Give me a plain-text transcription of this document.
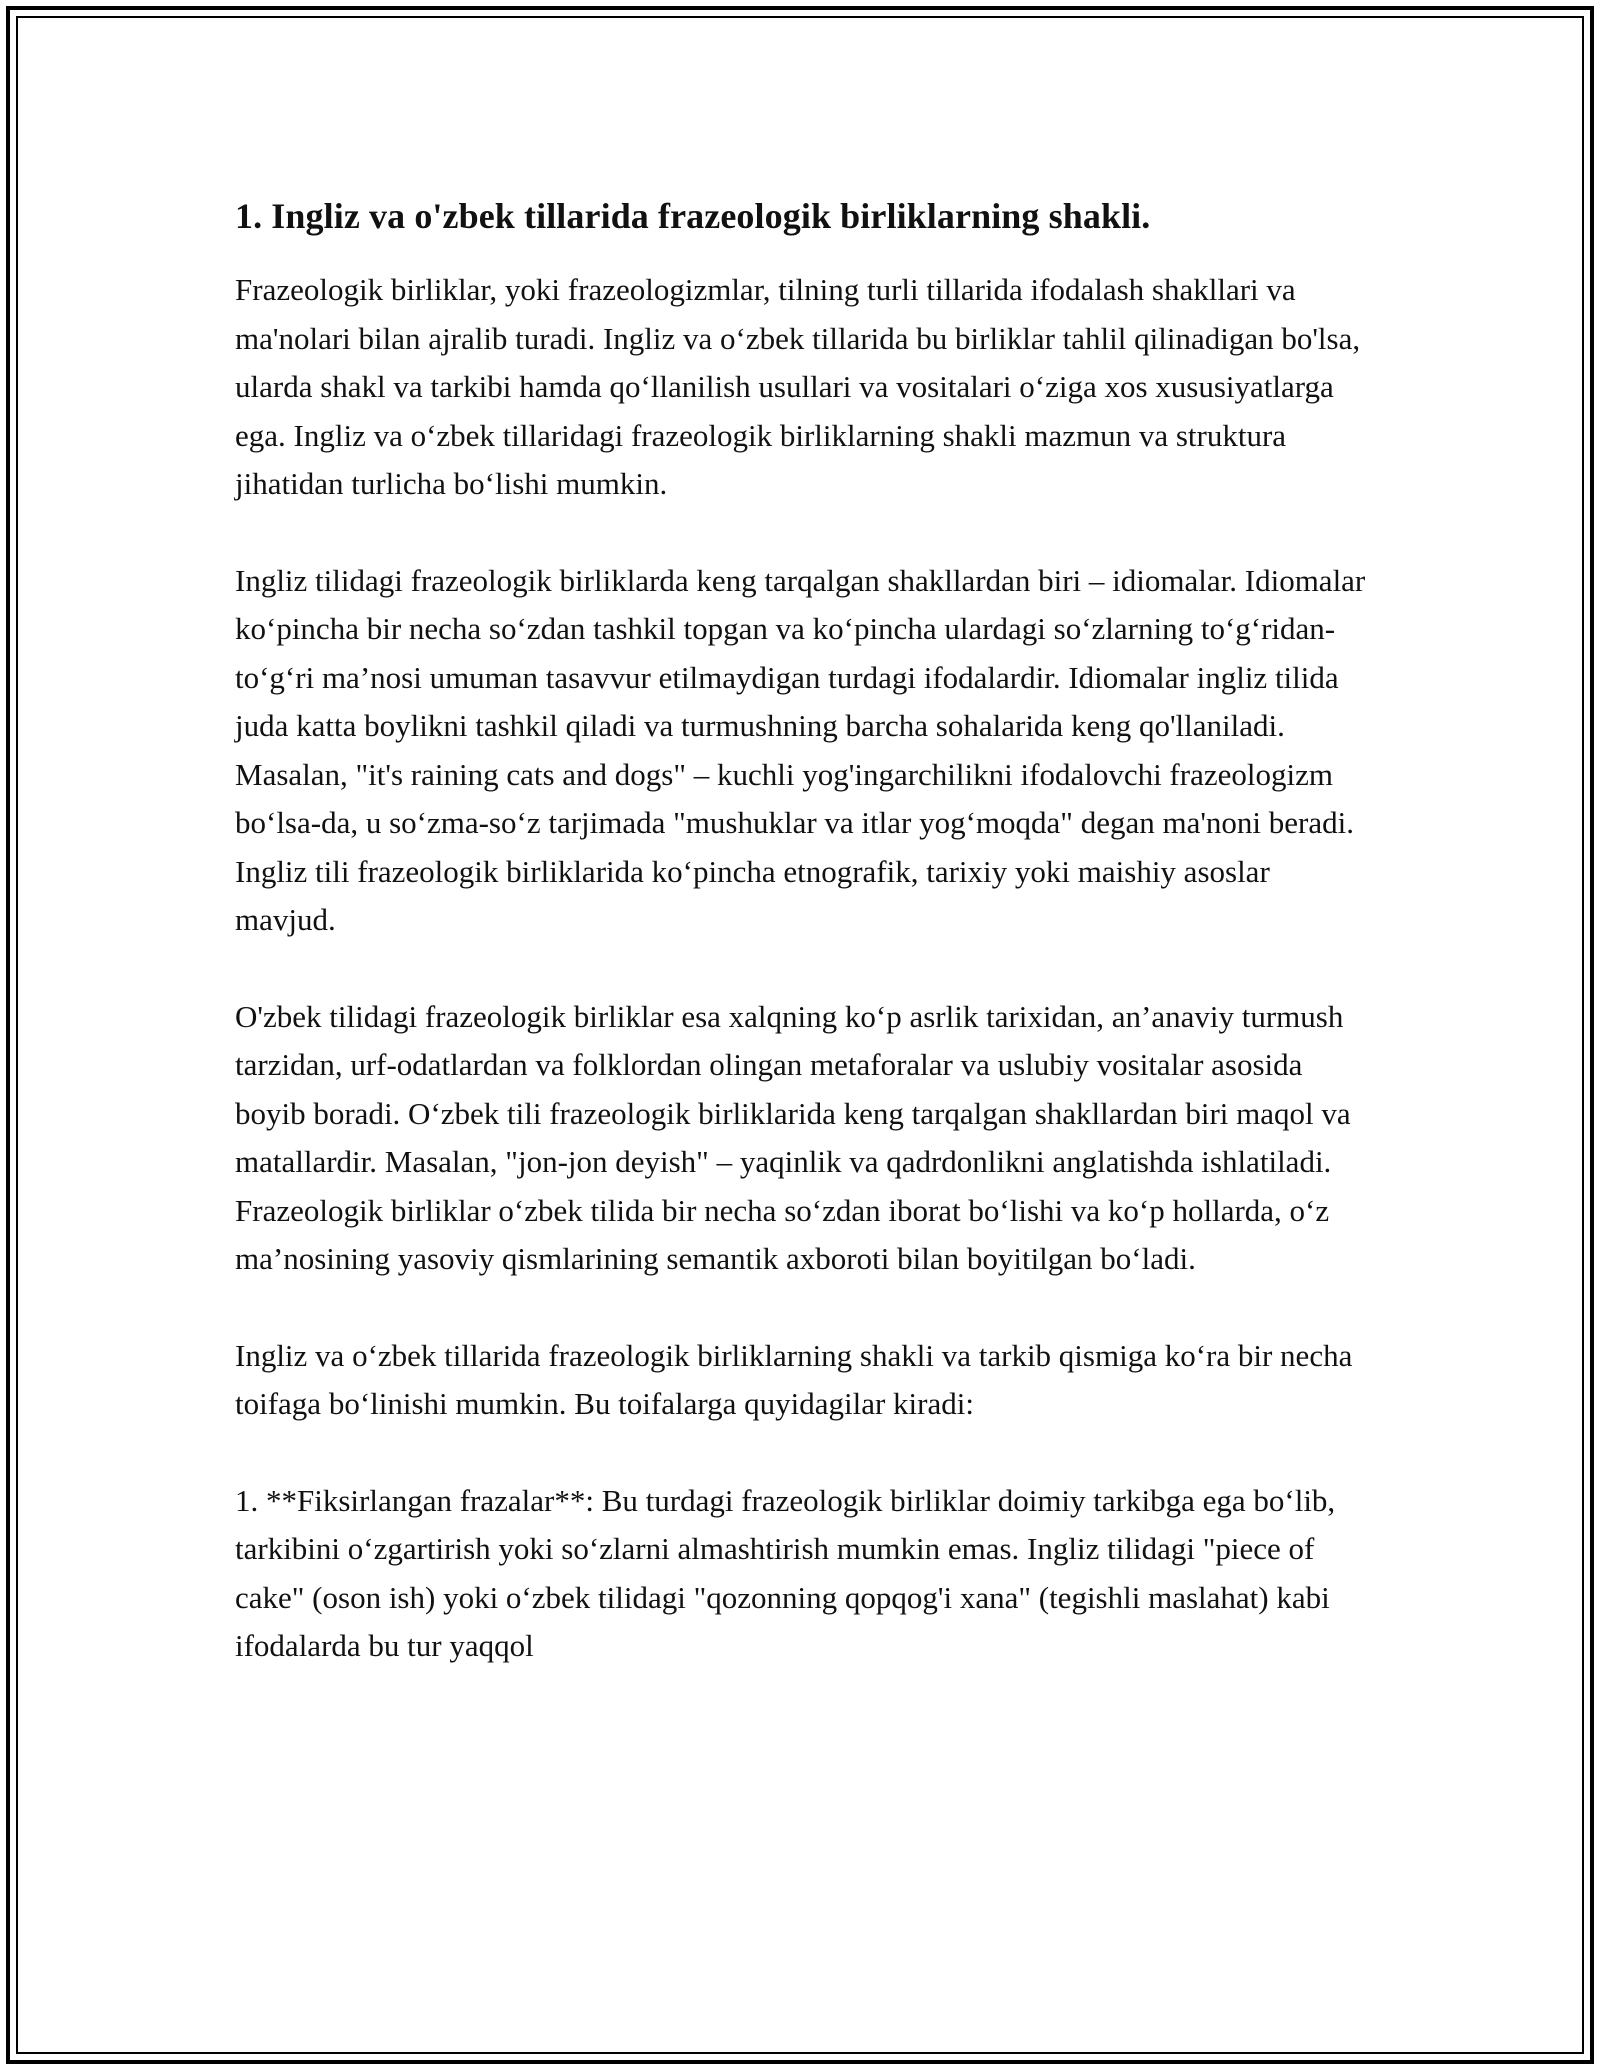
1. Ingliz va o'zbek tillarida frazeologik birliklarning shakli.

Frazeologik birliklar, yoki frazeologizmlar, tilning turli tillarida ifodalash shakllari va ma'nolari bilan ajralib turadi. Ingliz va o‘zbek tillarida bu birliklar tahlil qilinadigan bo'lsa, ularda shakl va tarkibi hamda qo‘llanilish usullari va vositalari o‘ziga xos xususiyatlarga ega. Ingliz va o‘zbek tillaridagi frazeologik birliklarning shakli mazmun va struktura jihatidan turlicha bo‘lishi mumkin.

Ingliz tilidagi frazeologik birliklarda keng tarqalgan shakllardan biri – idiomalar. Idiomalar ko‘pincha bir necha so‘zdan tashkil topgan va ko‘pincha ulardagi so‘zlarning to‘g‘ridan-to‘g‘ri ma’nosi umuman tasavvur etilmaydigan turdagi ifodalardir. Idiomalar ingliz tilida juda katta boylikni tashkil qiladi va turmushning barcha sohalarida keng qo'llaniladi. Masalan, "it's raining cats and dogs" – kuchli yog'ingarchilikni ifodalovchi frazeologizm bo‘lsa-da, u so‘zma-so‘z tarjimada "mushuklar va itlar yog‘moqda" degan ma'noni beradi. Ingliz tili frazeologik birliklarida ko‘pincha etnografik, tarixiy yoki maishiy asoslar mavjud.

O'zbek tilidagi frazeologik birliklar esa xalqning ko‘p asrlik tarixidan, an’anaviy turmush tarzidan, urf-odatlardan va folklordan olingan metaforalar va uslubiy vositalar asosida boyib boradi. O‘zbek tili frazeologik birliklarida keng tarqalgan shakllardan biri maqol va matallardir. Masalan, "jon-jon deyish" – yaqinlik va qadrdonlikni anglatishda ishlatiladi. Frazeologik birliklar o‘zbek tilida bir necha so‘zdan iborat bo‘lishi va ko‘p hollarda, o‘z ma’nosining yasoviy qismlarining semantik axboroti bilan boyitilgan bo‘ladi.

Ingliz va o‘zbek tillarida frazeologik birliklarning shakli va tarkib qismiga ko‘ra bir necha toifaga bo‘linishi mumkin. Bu toifalarga quyidagilar kiradi:

1. **Fiksirlangan frazalar**: Bu turdagi frazeologik birliklar doimiy tarkibga ega bo‘lib, tarkibini o‘zgartirish yoki so‘zlarni almashtirish mumkin emas. Ingliz tilidagi "piece of cake" (oson ish) yoki o‘zbek tilidagi "qozonning qopqog'i xana" (tegishli maslahat) kabi ifodalarda bu tur yaqqol
